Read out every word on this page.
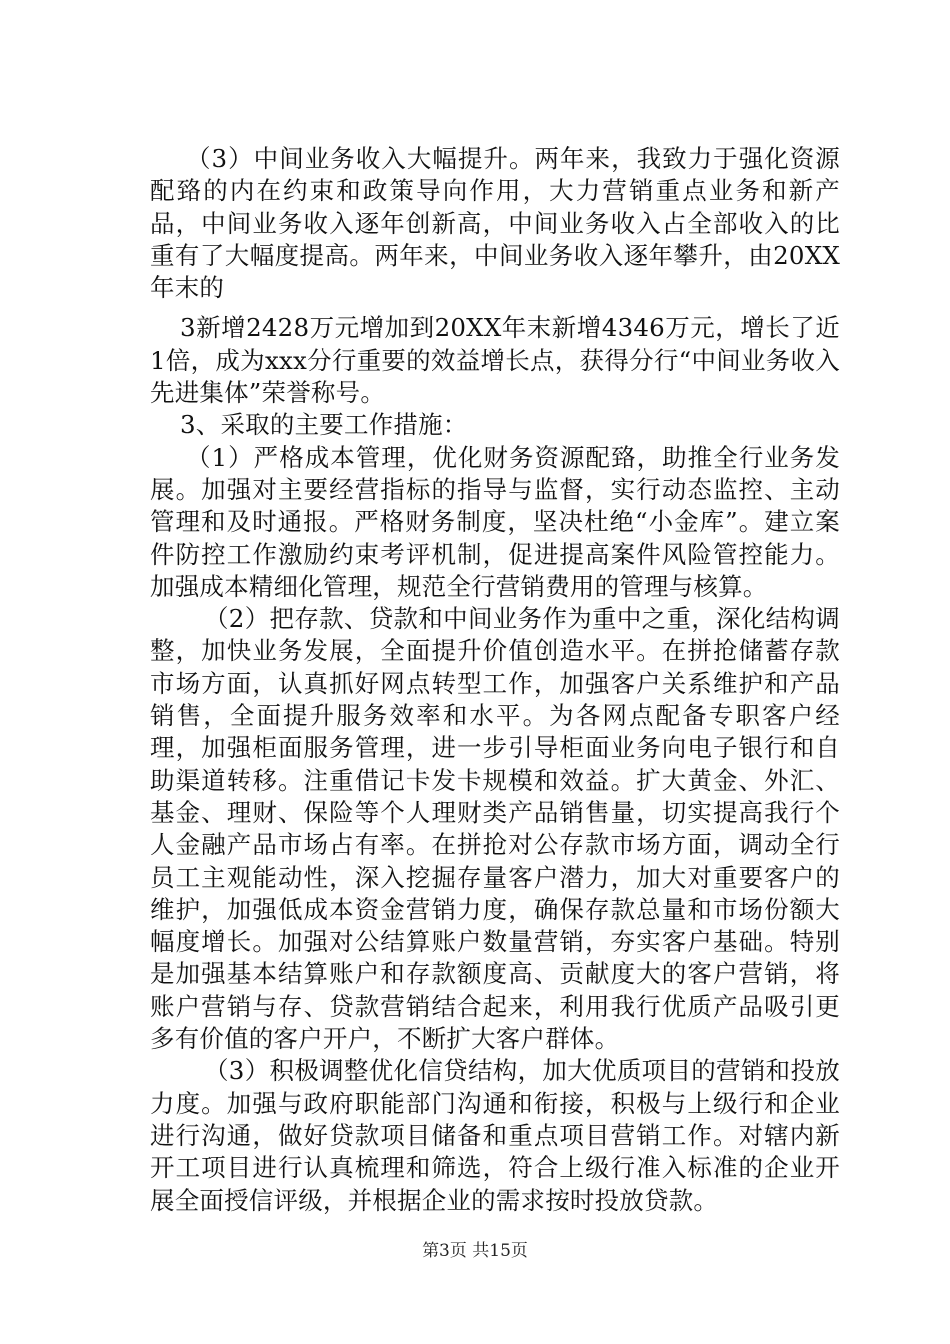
（3）中间业务收入大幅提升。两年来，我致力于强化资源配臵的内在约束和政策导向作用，大力营销重点业务和新产品，中间业务收入逐年创新高，中间业务收入占全部收入的比重有了大幅度提高。两年来，中间业务收入逐年攀升，由20XX年末的

3新增2428万元增加到20XX年末新增4346万元，增长了近1倍，成为xxx分行重要的效益增长点，获得分行“中间业务收入先进集体”荣誉称号。

3、采取的主要工作措施：

（1）严格成本管理，优化财务资源配臵，助推全行业务发展。加强对主要经营指标的指导与监督，实行动态监控、主动管理和及时通报。严格财务制度，坚决杜绝“小金库”。建立案件防控工作激励约束考评机制，促进提高案件风险管控能力。加强成本精细化管理，规范全行营销费用的管理与核算。

（2）把存款、贷款和中间业务作为重中之重，深化结构调整，加快业务发展，全面提升价值创造水平。在拼抢储蓄存款市场方面，认真抓好网点转型工作，加强客户关系维护和产品销售，全面提升服务效率和水平。为各网点配备专职客户经理，加强柜面服务管理，进一步引导柜面业务向电子银行和自助渠道转移。注重借记卡发卡规模和效益。扩大黄金、外汇、基金、理财、保险等个人理财类产品销售量，切实提高我行个人金融产品市场占有率。在拼抢对公存款市场方面，调动全行员工主观能动性，深入挖掘存量客户潜力，加大对重要客户的维护，加强低成本资金营销力度，确保存款总量和市场份额大幅度增长。加强对公结算账户数量营销，夯实客户基础。特别是加强基本结算账户和存款额度高、贡献度大的客户营销，将账户营销与存、贷款营销结合起来，利用我行优质产品吸引更多有价值的客户开户，不断扩大客户群体。

（3）积极调整优化信贷结构，加大优质项目的营销和投放力度。加强与政府职能部门沟通和衔接，积极与上级行和企业进行沟通，做好贷款项目储备和重点项目营销工作。对辖内新开工项目进行认真梳理和筛选，符合上级行准入标准的企业开展全面授信评级，并根据企业的需求按时投放贷款。

第3页 共15页
